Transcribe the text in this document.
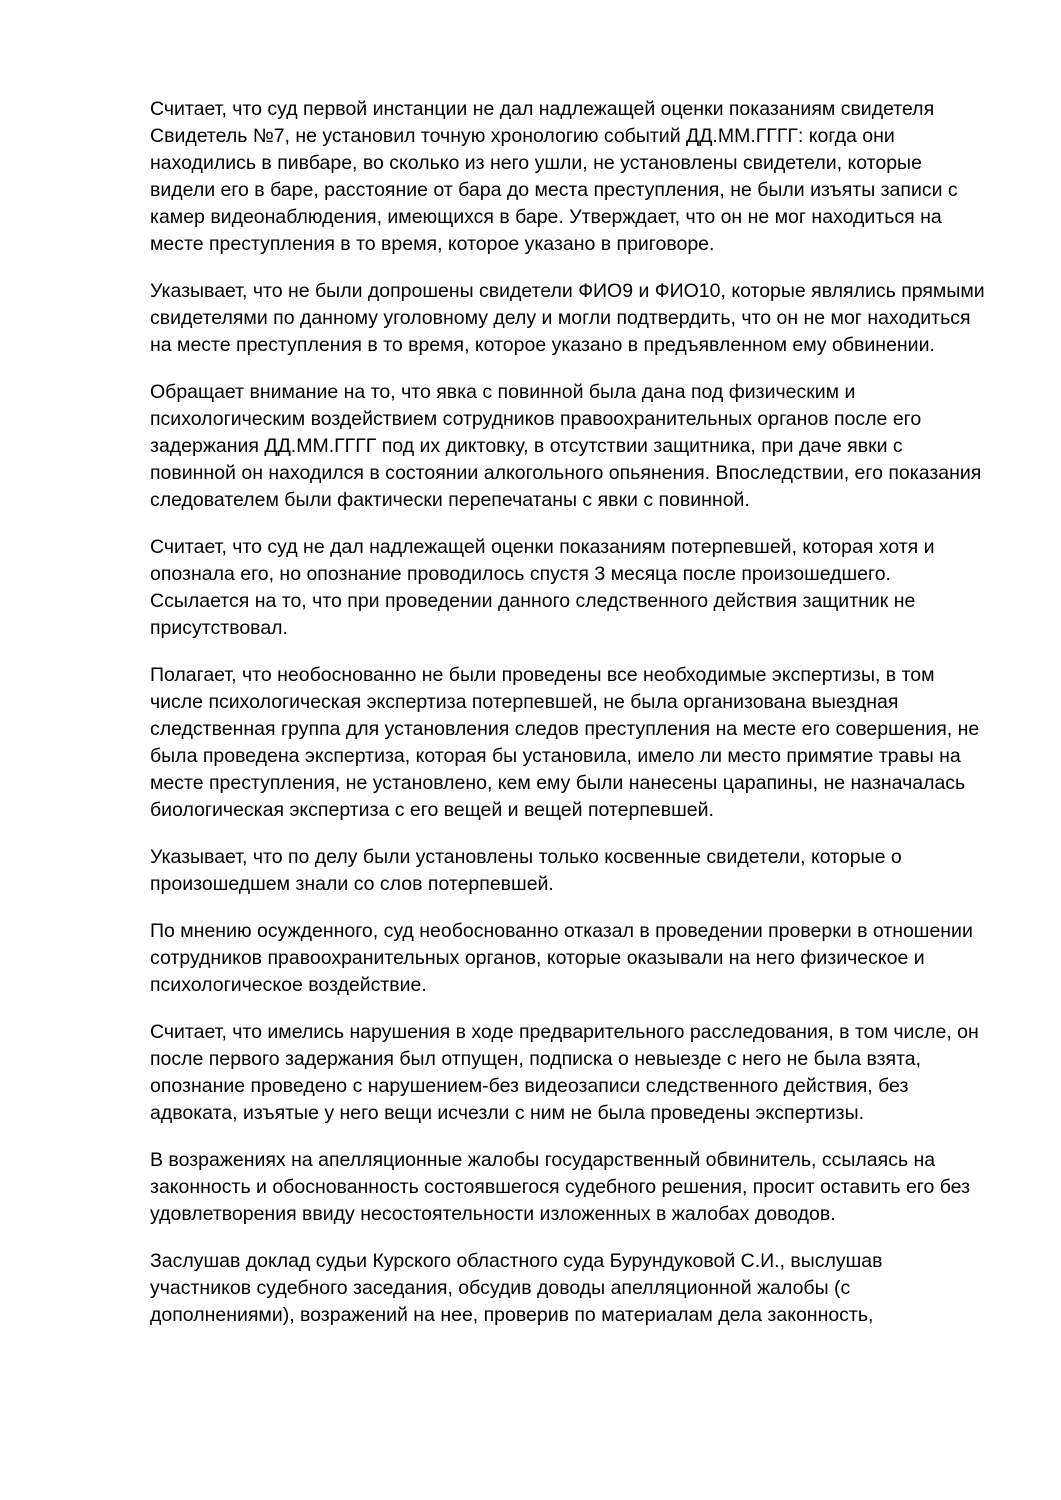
Считает, что суд первой инстанции не дал надлежащей оценки показаниям свидетеля Свидетель №7, не установил точную хронологию событий ДД.ММ.ГГГГ: когда они находились в пивбаре, во сколько из него ушли, не установлены свидетели, которые видели его в баре, расстояние от бара до места преступления, не были изъяты записи с камер видеонаблюдения, имеющихся в баре. Утверждает, что он не мог находиться на месте преступления в то время, которое указано в приговоре.

Указывает, что не были допрошены свидетели ФИО9 и ФИО10, которые являлись прямыми свидетелями по данному уголовному делу и могли подтвердить, что он не мог находиться на месте преступления в то время, которое указано в предъявленном ему обвинении.

Обращает внимание на то, что явка с повинной была дана под физическим и психологическим воздействием сотрудников правоохранительных органов после его задержания ДД.ММ.ГГГГ под их диктовку, в отсутствии защитника, при даче явки с повинной он находился в состоянии алкогольного опьянения. Впоследствии, его показания следователем были фактически перепечатаны с явки с повинной.

Считает, что суд не дал надлежащей оценки показаниям потерпевшей, которая хотя и опознала его, но опознание проводилось спустя 3 месяца после произошедшего. Ссылается на то, что при проведении данного следственного действия защитник не присутствовал.

Полагает, что необоснованно не были проведены все необходимые экспертизы, в том числе психологическая экспертиза потерпевшей, не была организована выездная следственная группа для установления следов преступления на месте его совершения, не была проведена экспертиза, которая бы установила, имело ли место примятие травы на месте преступления, не установлено, кем ему были нанесены царапины, не назначалась биологическая экспертиза с его вещей и вещей потерпевшей.

Указывает, что по делу были установлены только косвенные свидетели, которые о произошедшем знали со слов потерпевшей.

По мнению осужденного, суд необоснованно отказал в проведении проверки в отношении сотрудников правоохранительных органов, которые оказывали на него физическое и психологическое воздействие.

Считает, что имелись нарушения в ходе предварительного расследования, в том числе, он после первого задержания был отпущен, подписка о невыезде с него не была взята, опознание проведено с нарушением-без видеозаписи следственного действия, без адвоката, изъятые у него вещи исчезли с ним не была проведены экспертизы.

В возражениях на апелляционные жалобы государственный обвинитель, ссылаясь на законность и обоснованность состоявшегося судебного решения, просит оставить его без удовлетворения ввиду несостоятельности изложенных в жалобах доводов.

Заслушав доклад судьи Курского областного суда Бурундуковой С.И., выслушав участников судебного заседания, обсудив доводы апелляционной жалобы (с дополнениями), возражений на нее, проверив по материалам дела законность,
